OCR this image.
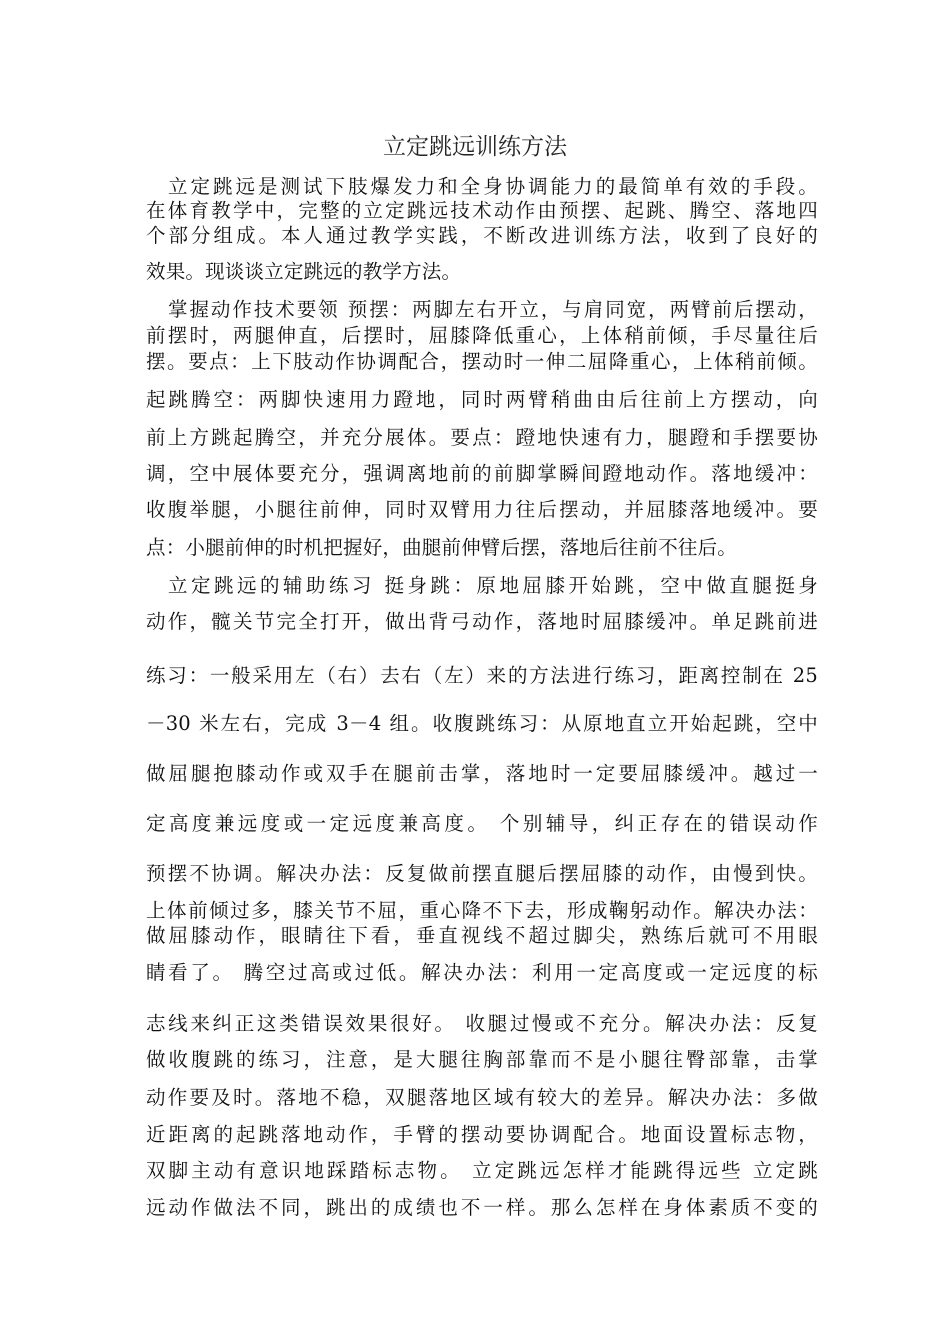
立定跳远训练方法
立定跳远是测试下肢爆发力和全身协调能力的最简单有效的手段。
在体育教学中，完整的立定跳远技术动作由预摆、起跳、腾空、落地四
个部分组成。本人通过教学实践，不断改进训练方法，收到了良好的
效果。现谈谈立定跳远的教学方法。
掌握动作技术要领 预摆：两脚左右开立，与肩同宽，两臂前后摆动，
前摆时，两腿伸直，后摆时，屈膝降低重心，上体稍前倾，手尽量往后
摆。要点：上下肢动作协调配合，摆动时一伸二屈降重心，上体稍前倾。
起跳腾空：两脚快速用力蹬地，同时两臂稍曲由后往前上方摆动，向
前上方跳起腾空，并充分展体。要点：蹬地快速有力，腿蹬和手摆要协
调，空中展体要充分，强调离地前的前脚掌瞬间蹬地动作。落地缓冲：
收腹举腿，小腿往前伸，同时双臂用力往后摆动，并屈膝落地缓冲。要
点：小腿前伸的时机把握好，曲腿前伸臂后摆，落地后往前不往后。
立定跳远的辅助练习 挺身跳：原地屈膝开始跳，空中做直腿挺身
动作，髋关节完全打开，做出背弓动作，落地时屈膝缓冲。单足跳前进
练习：一般采用左（右）去右（左）来的方法进行练习，距离控制在 25
－30 米左右，完成 3－4 组。收腹跳练习：从原地直立开始起跳，空中
做屈腿抱膝动作或双手在腿前击掌，落地时一定要屈膝缓冲。越过一
定高度兼远度或一定远度兼高度。 个别辅导，纠正存在的错误动作
预摆不协调。解决办法：反复做前摆直腿后摆屈膝的动作，由慢到快。
上体前倾过多，膝关节不屈，重心降不下去，形成鞠躬动作。解决办法：
做屈膝动作，眼睛往下看，垂直视线不超过脚尖，熟练后就可不用眼
睛看了。 腾空过高或过低。解决办法：利用一定高度或一定远度的标
志线来纠正这类错误效果很好。 收腿过慢或不充分。解决办法：反复
做收腹跳的练习，注意，是大腿往胸部靠而不是小腿往臀部靠，击掌
动作要及时。落地不稳，双腿落地区域有较大的差异。解决办法：多做
近距离的起跳落地动作，手臂的摆动要协调配合。地面设置标志物，
双脚主动有意识地踩踏标志物。 立定跳远怎样才能跳得远些 立定跳
远动作做法不同，跳出的成绩也不一样。那么怎样在身体素质不变的
